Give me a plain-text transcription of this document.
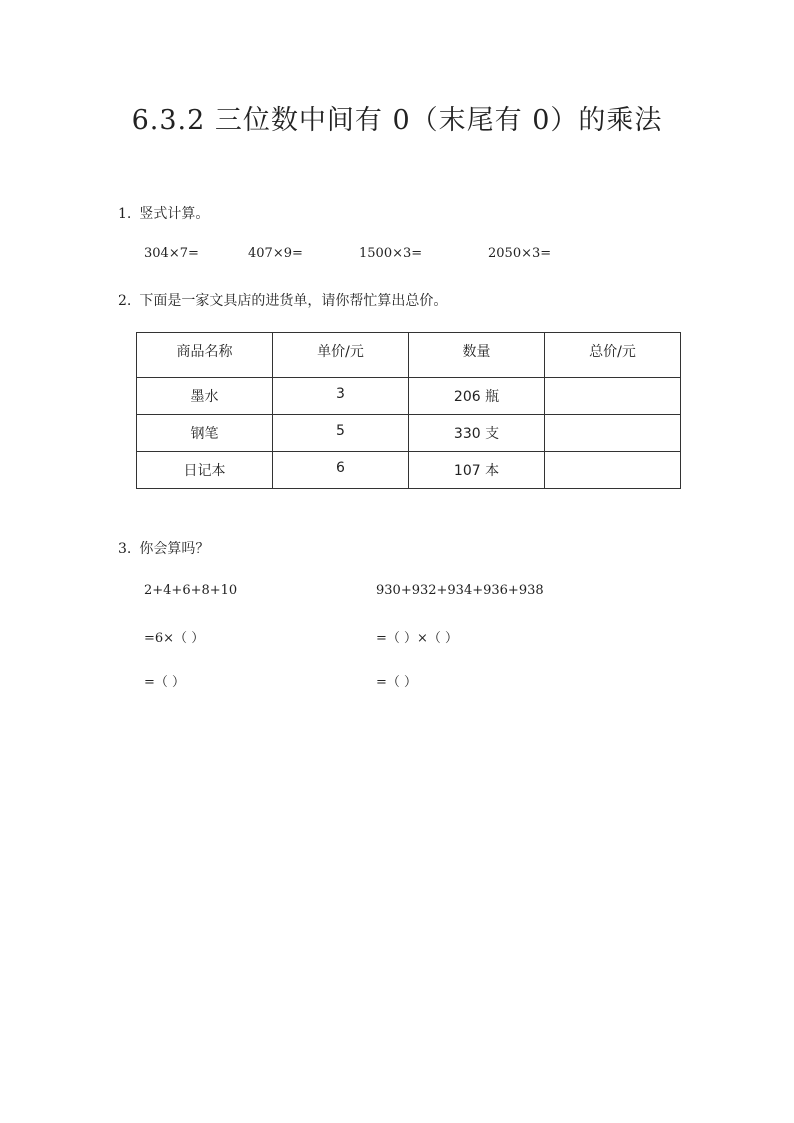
6.3.2 三位数中间有 0（末尾有 0）的乘法
1. 竖式计算。
304×7=	407×9=	1500×3=	2050×3=
2. 下面是一家文具店的进货单，请你帮忙算出总价。
商品名称	单价/元	数量	总价/元
墨水	3	206 瓶	
钢笔	5	330 支	
日记本	6	107 本	
3. 你会算吗？
2+4+6+8+10
=6×（ ）
=（ ）
930+932+934+936+938
=（ ）×（ ）
=（ ）
